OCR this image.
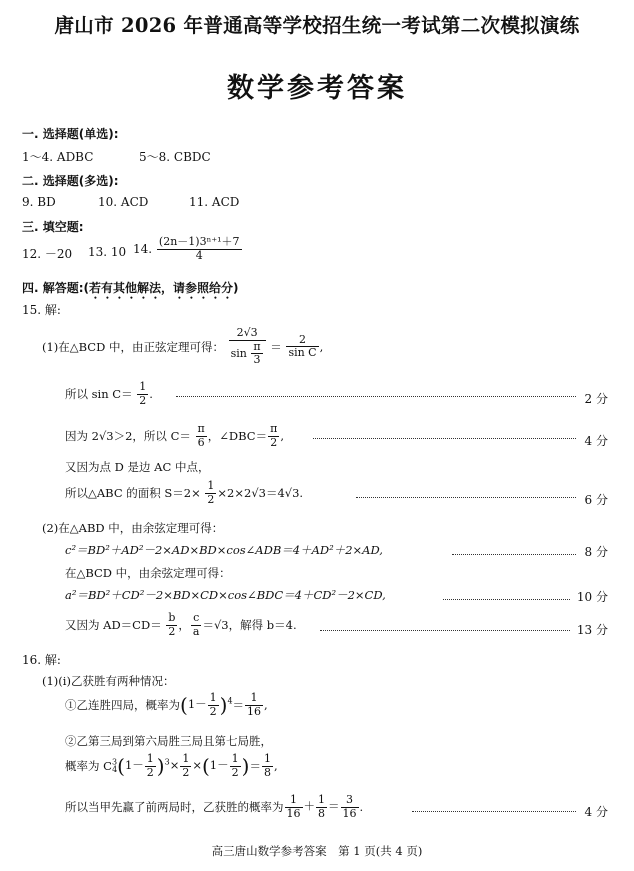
唐山市 2026 年普通高等学校招生统一考试第二次模拟演练
数学参考答案
一. 选择题(单选):
1～4. ADBC	5～8. CBDC
二. 选择题(多选):
9. BD	10. ACD	11. ACD
三. 填空题:
12. －20 13. 10 14. $\frac{\text{(2n－1)3ⁿ⁺¹＋7}}{4}$
四. 解答题:(若有其他解法，请参照给分)
15. 解:
(1)在△BCD 中，由正弦定理可得： $\frac{2√3}{\sin \frac{\pi}{3}} = \frac{2}{\text{sin C}}$ ,
所以 $\sin C= \frac{1}{2}$ .	2 分
因为 2√3＞2，所以 $C= \frac{\pi}{6}$ ，∠DBC＝ $\frac{\pi}{2}$ ,	4 分
又因为点 D 是边 AC 中点，
所以△ABC 的面积 $S=2\times \frac{1}{2} \times 2\times 2√3=4√3$.	6 分
(2)在△ABD 中，由余弦定理可得：
c²＝BD²＋AD²－2×AD×BD×cos∠ADB＝4＋AD²＋2×AD,	8 分
在△BCD 中，由余弦定理可得：
a²＝BD²＋CD²－2×BD×CD×cos∠BDC＝4＋CD²－2×CD,	10 分
又因为 $AD=CD= \frac{b}{2}$ ， $\frac{c}{a} =√3$，解得 b＝4.	13 分
16. 解:
(1)(i)乙获胜有两种情况：
①乙连胜四局，概率为$(1- \frac{1}{2} )^4= \frac{1}{16}$ ,
②乙第三局到第六局胜三局且第七局胜，
概率为 $C^3_4(1- \frac{1}{2} )^3\times \frac{1}{2} \times(1- \frac{1}{2}$ )＝ $\frac{1}{8}$ ,
所以当甲先赢了前两局时，乙获胜的概率为 $\frac{1}{16} + \frac{1}{8} = \frac{3}{16}$ .	4 分
高三唐山数学参考答案　第 1 页(共 4 页)
